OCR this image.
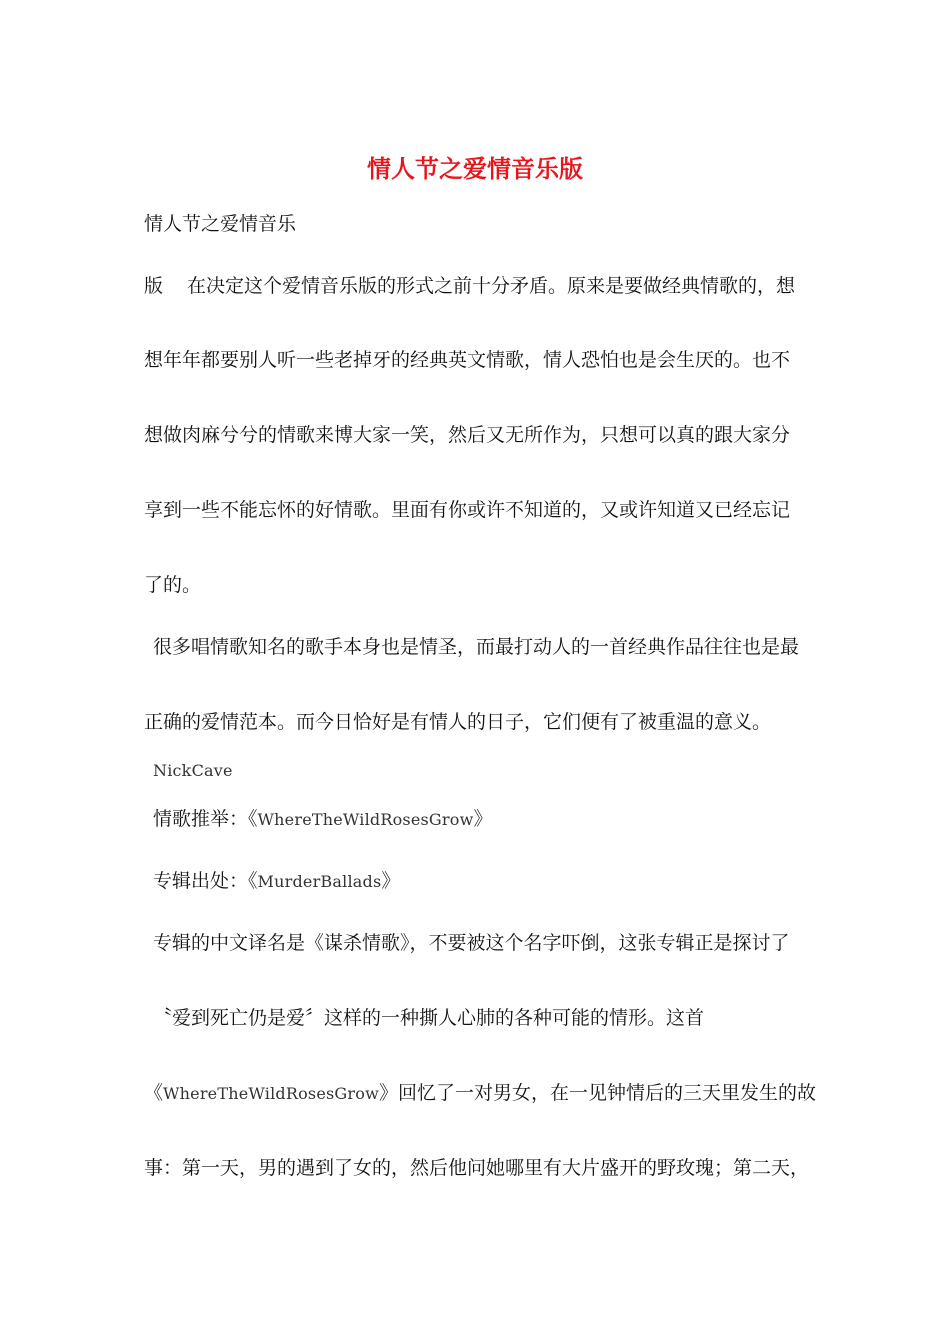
情人节之爱情音乐版
情人节之爱情音乐
版 在决定这个爱情音乐版的形式之前十分矛盾。原来是要做经典情歌的，想
想年年都要别人听一些老掉牙的经典英文情歌，情人恐怕也是会生厌的。也不
想做肉麻兮兮的情歌来博大家一笑，然后又无所作为，只想可以真的跟大家分
享到一些不能忘怀的好情歌。里面有你或许不知道的，又或许知道又已经忘记
了的。
很多唱情歌知名的歌手本身也是情圣，而最打动人的一首经典作品往往也是最
正确的爱情范本。而今日恰好是有情人的日子，它们便有了被重温的意义。
NickCave
情歌推举：《WhereTheWildRosesGrow》
专辑出处：《MurderBallads》
专辑的中文译名是《谋杀情歌》，不要被这个名字吓倒，这张专辑正是探讨了
〝爱到死亡仍是爱〞这样的一种撕人心肺的各种可能的情形。这首
《WhereTheWildRosesGrow》回忆了一对男女，在一见钟情后的三天里发生的故
事：第一天，男的遇到了女的，然后他问她哪里有大片盛开的野玫瑰；第二天，
